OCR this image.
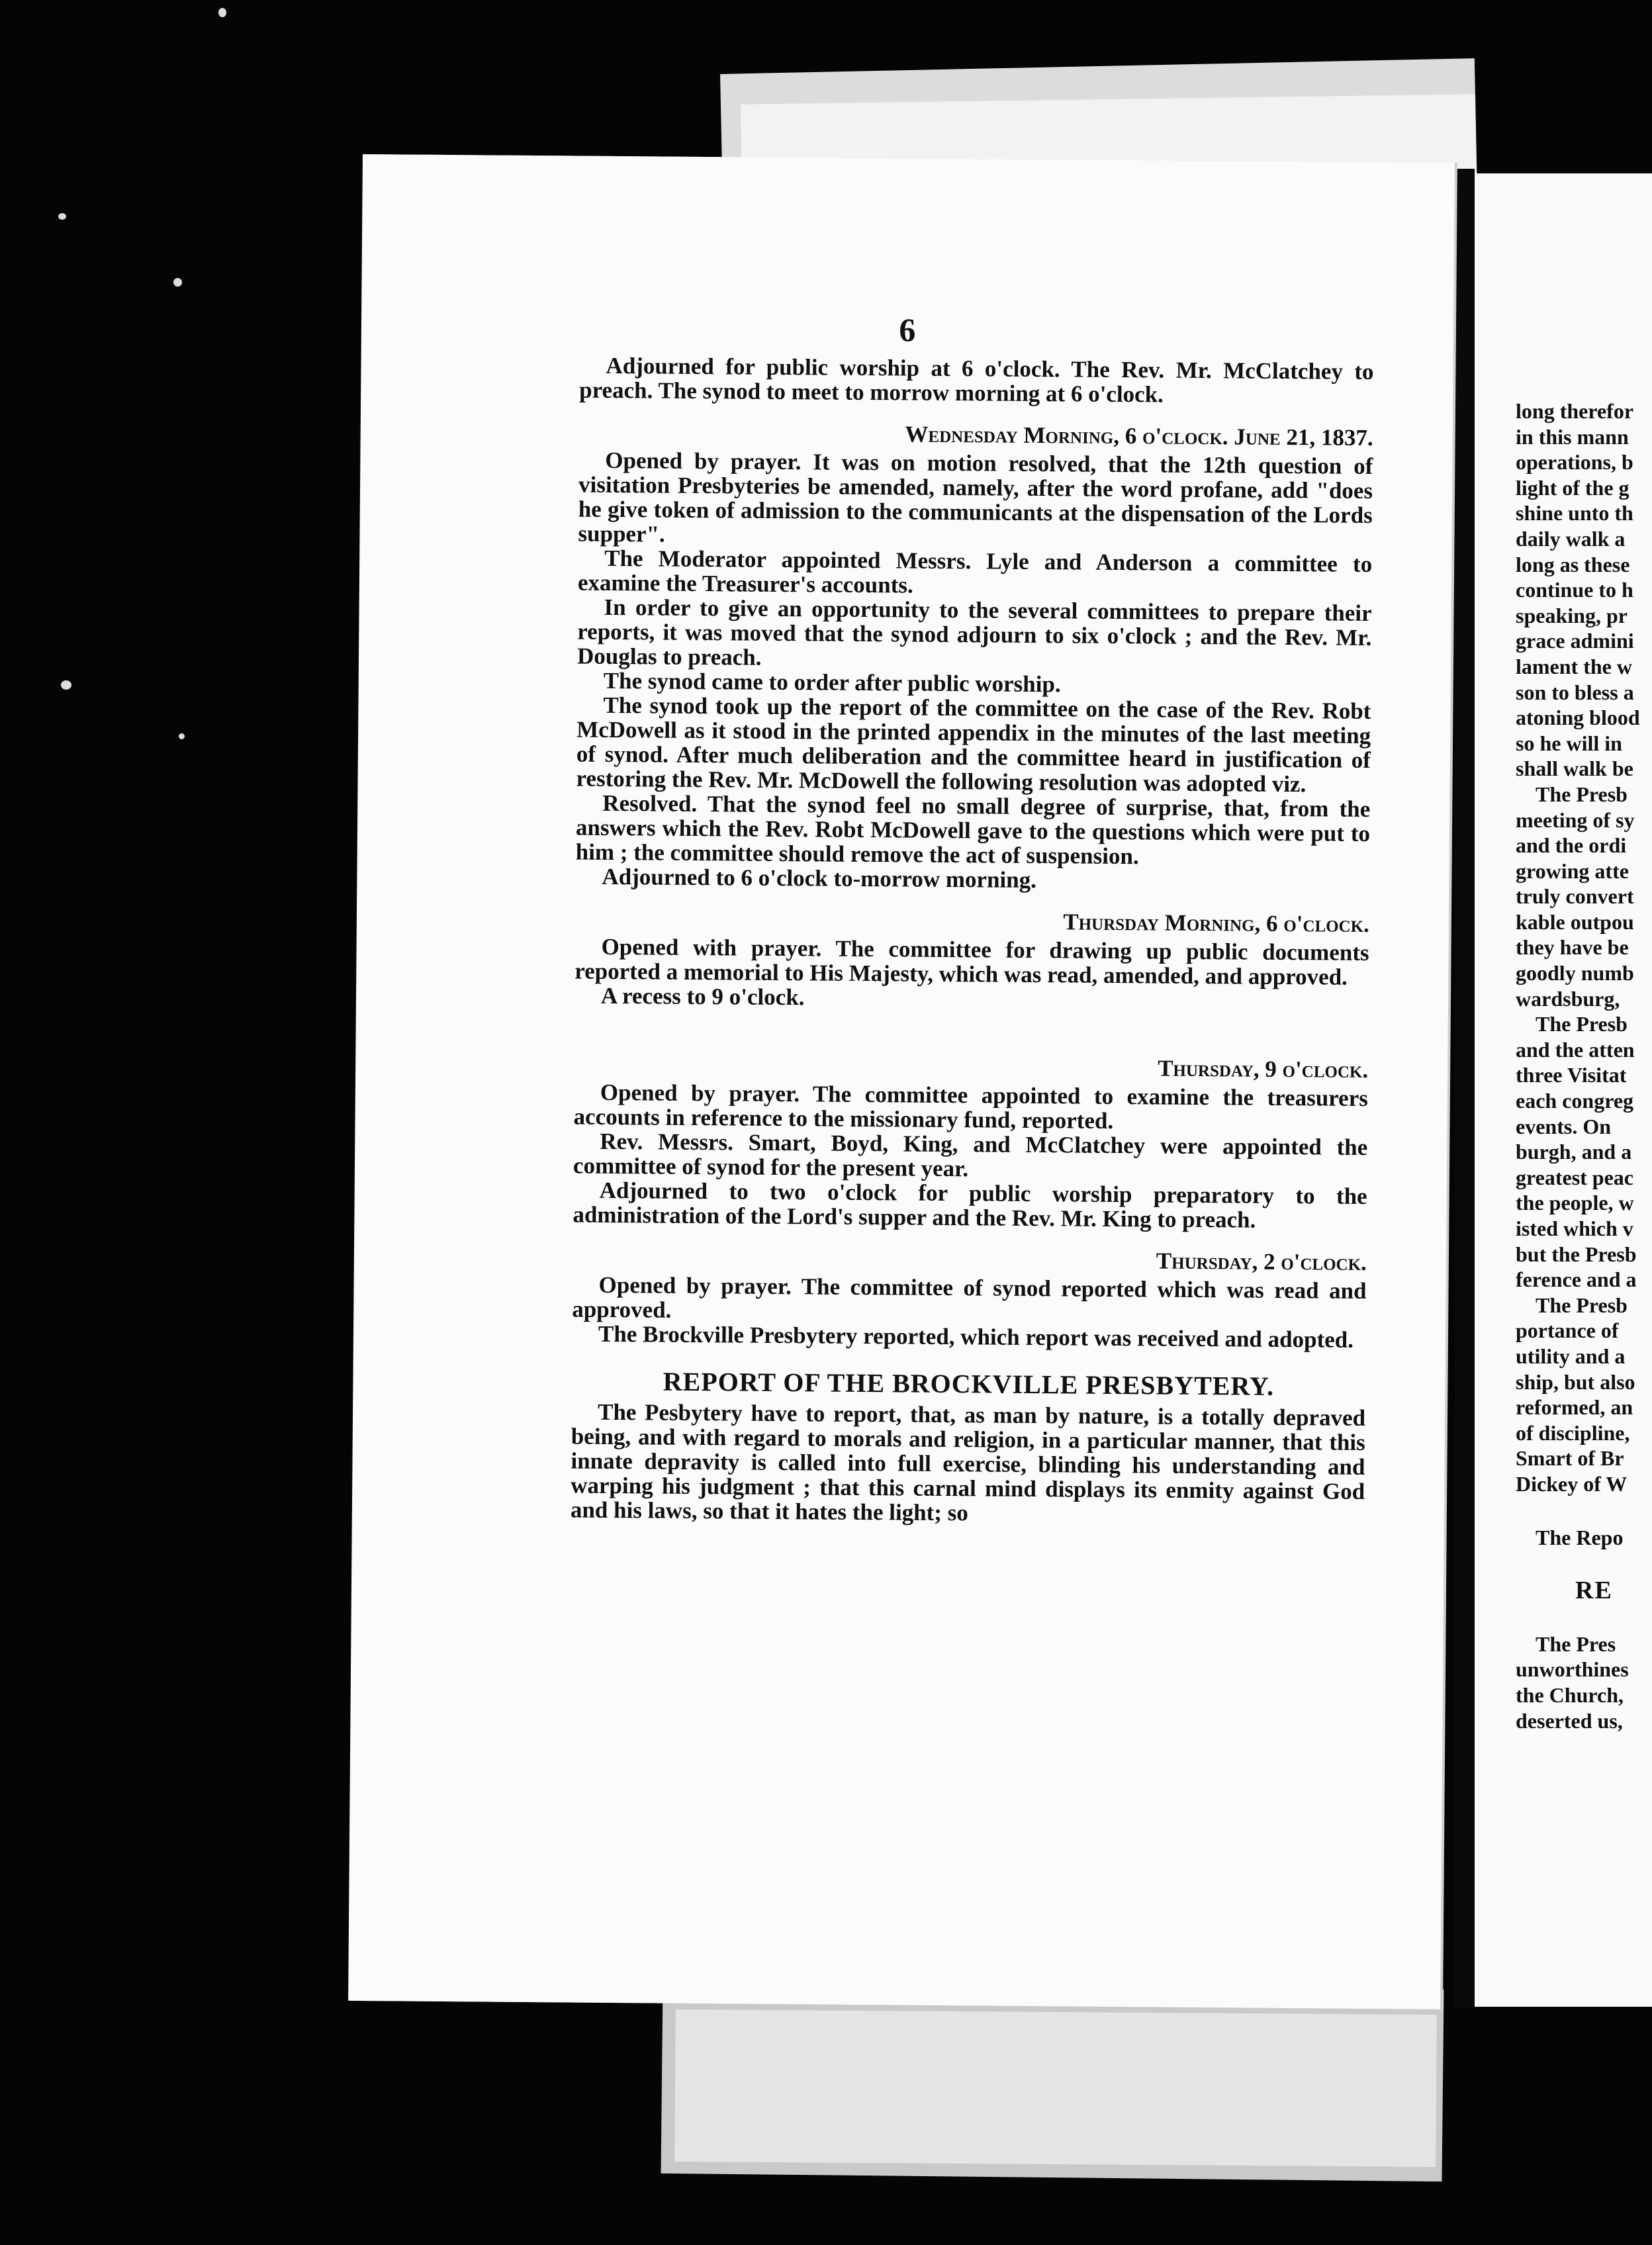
6

Adjourned for public worship at 6 o'clock. The Rev. Mr. McClatchey to preach. The synod to meet to morrow morning at 6 o'clock.

Wednesday Morning, 6 o'clock. June 21, 1837.

Opened by prayer. It was on motion resolved, that the 12th question of visitation Presbyteries be amended, namely, after the word profane, add "does he give token of admission to the communicants at the dispensation of the Lords supper".

The Moderator appointed Messrs. Lyle and Anderson a committee to examine the Treasurer's accounts.

In order to give an opportunity to the several committees to prepare their reports, it was moved that the synod adjourn to six o'clock ; and the Rev. Mr. Douglas to preach.

The synod came to order after public worship.

The synod took up the report of the committee on the case of the Rev. Robt McDowell as it stood in the printed appendix in the minutes of the last meeting of synod. After much deliberation and the committee heard in justification of restoring the Rev. Mr. McDowell the following resolution was adopted viz.

Resolved. That the synod feel no small degree of surprise, that, from the answers which the Rev. Robt McDowell gave to the questions which were put to him ; the committee should remove the act of suspension.

Adjourned to 6 o'clock to-morrow morning.

Thursday Morning, 6 o'clock.

Opened with prayer. The committee for drawing up public documents reported a memorial to His Majesty, which was read, amended, and approved.

A recess to 9 o'clock.

Thursday, 9 o'clock.

Opened by prayer. The committee appointed to examine the treasurers accounts in reference to the missionary fund, reported.

Rev. Messrs. Smart, Boyd, King, and McClatchey were appointed the committee of synod for the present year.

Adjourned to two o'clock for public worship preparatory to the administration of the Lord's supper and the Rev. Mr. King to preach.

Thursday, 2 o'clock.

Opened by prayer. The committee of synod reported which was read and approved.

The Brockville Presbytery reported, which report was received and adopted.

REPORT OF THE BROCKVILLE PRESBYTERY.

The Pesbytery have to report, that, as man by nature, is a totally depraved being, and with regard to morals and religion, in a particular manner, that this innate depravity is called into full exercise, blinding his understanding and warping his judgment ; that this carnal mind displays its enmity against God and his laws, so that it hates the light; so

long therefor
in this mann
operations, b
light of the g
shine unto th
daily walk a
long as these
continue to h
speaking, pr
grace admini
lament the w
son to bless a
atoning blood
so he will in
shall walk be
The Presb
meeting of sy
and the ordi
growing atte
truly convert
kable outpou
they have be
goodly numb
wardsburg,
The Presb
and the atten
three Visitat
each congreg
events. On
burgh, and a
greatest peac
the people, w
isted which v
but the Presb
ference and a
The Presb
portance of
utility and a
ship, but also
reformed, an
of discipline,
Smart of Br
Dickey of W
The Repo
RE
The Pres
unworthines
the Church,
deserted us,
